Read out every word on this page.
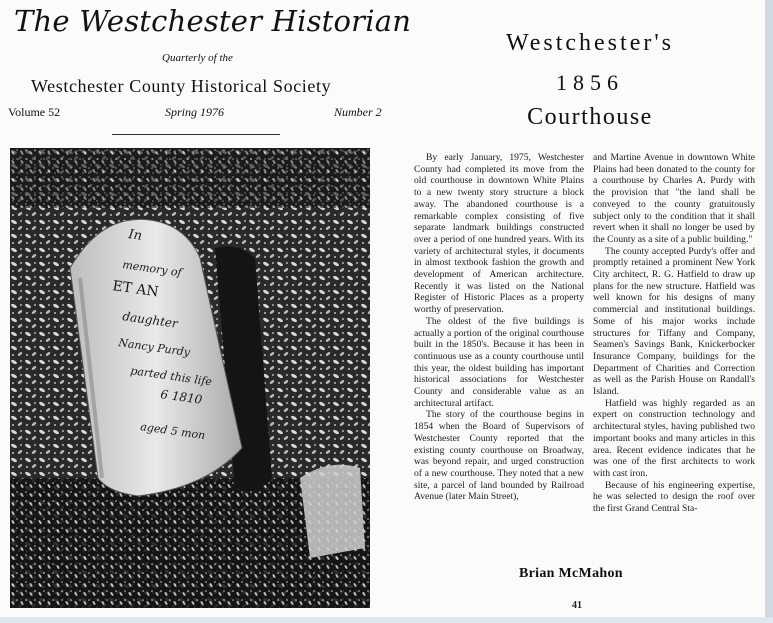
The Westchester Historian
Quarterly of the
Westchester County Historical Society
Volume 52	Spring 1976	Number 2
In
memory of
ET AN
daughter
Nancy Purdy
parted this life
6 1810
aged 5 mon
Westchester's
1856
Courthouse

By early January, 1975, Westchester County had completed its move from the old courthouse in downtown White Plains to a new twenty story structure a block away. The abandoned courthouse is a remarkable complex consisting of five separate landmark buildings constructed over a period of one hundred years. With its variety of architectural styles, it documents in almost textbook fashion the growth and development of American architecture. Recently it was listed on the National Register of Historic Places as a property worthy of preservation.

The oldest of the five buildings is actually a portion of the original courthouse built in the 1850's. Because it has been in continuous use as a county courthouse until this year, the oldest building has important historical associations for Westchester County and considerable value as an architectural artifact.

The story of the courthouse begins in 1854 when the Board of Supervisors of Westchester County reported that the existing county courthouse on Broadway, was beyond repair, and urged construction of a new courthouse. They noted that a new site, a parcel of land bounded by Railroad Avenue (later Main Street),

and Martine Avenue in downtown White Plains had been donated to the county for a courthouse by Charles A. Purdy with the provision that "the land shall be conveyed to the county gratuitously subject only to the condition that it shall revert when it shall no longer be used by the County as a site of a public building."

The county accepted Purdy's offer and promptly retained a prominent New York City architect, R. G. Hatfield to draw up plans for the new structure. Hatfield was well known for his designs of many commercial and institutional buildings. Some of his major works include structures for Tiffany and Company, Seamen's Savings Bank, Knickerbocker Insurance Company, buildings for the Department of Charities and Correction as well as the Parish House on Randall's Island.

Hatfield was highly regarded as an expert on construction technology and architectural styles, having published two important books and many articles in this area. Recent evidence indicates that he was one of the first architects to work with cast iron.

Because of his engineering expertise, he was selected to design the roof over the first Grand Central Sta-

Brian McMahon
41
